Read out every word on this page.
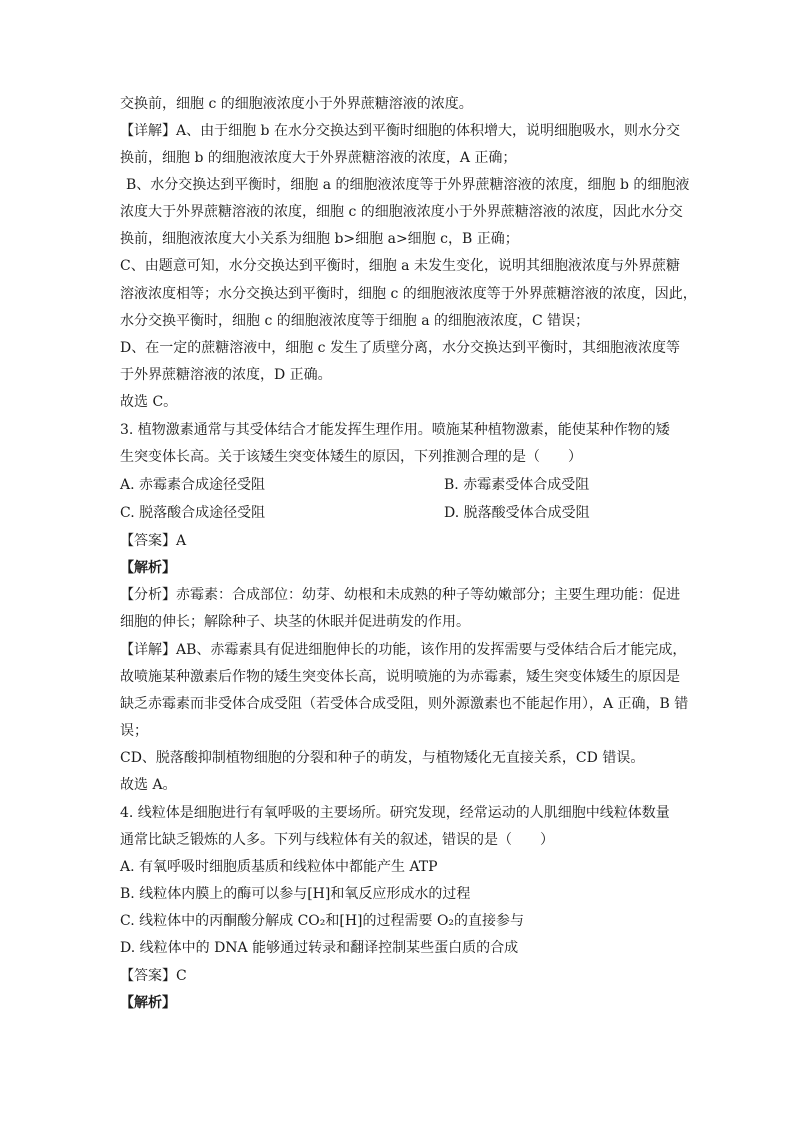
交换前，细胞 c 的细胞液浓度小于外界蔗糖溶液的浓度。
【详解】A、由于细胞 b 在水分交换达到平衡时细胞的体积增大，说明细胞吸水，则水分交
换前，细胞 b 的细胞液浓度大于外界蔗糖溶液的浓度，A 正确；
B、水分交换达到平衡时，细胞 a 的细胞液浓度等于外界蔗糖溶液的浓度，细胞 b 的细胞液
浓度大于外界蔗糖溶液的浓度，细胞 c 的细胞液浓度小于外界蔗糖溶液的浓度，因此水分交
换前，细胞液浓度大小关系为细胞 b>细胞 a>细胞 c，B 正确；
C、由题意可知，水分交换达到平衡时，细胞 a 未发生变化，说明其细胞液浓度与外界蔗糖
溶液浓度相等；水分交换达到平衡时，细胞 c 的细胞液浓度等于外界蔗糖溶液的浓度，因此，
水分交换平衡时，细胞 c 的细胞液浓度等于细胞 a 的细胞液浓度，C 错误；
D、在一定的蔗糖溶液中，细胞 c 发生了质壁分离，水分交换达到平衡时，其细胞液浓度等
于外界蔗糖溶液的浓度，D 正确。
故选 C。
3. 植物激素通常与其受体结合才能发挥生理作用。喷施某种植物激素，能使某种作物的矮
生突变体长高。关于该矮生突变体矮生的原因，下列推测合理的是（　　）
A. 赤霉素合成途径受阻	B. 赤霉素受体合成受阻
C. 脱落酸合成途径受阻	D. 脱落酸受体合成受阻
【答案】A
【解析】
【分析】赤霉素：合成部位：幼芽、幼根和未成熟的种子等幼嫩部分；主要生理功能：促进
细胞的伸长；解除种子、块茎的休眠并促进萌发的作用。
【详解】AB、赤霉素具有促进细胞伸长的功能，该作用的发挥需要与受体结合后才能完成，
故喷施某种激素后作物的矮生突变体长高，说明喷施的为赤霉素，矮生突变体矮生的原因是
缺乏赤霉素而非受体合成受阻（若受体合成受阻，则外源激素也不能起作用），A 正确，B 错
误；
CD、脱落酸抑制植物细胞的分裂和种子的萌发，与植物矮化无直接关系，CD 错误。
故选 A。
4. 线粒体是细胞进行有氧呼吸的主要场所。研究发现，经常运动的人肌细胞中线粒体数量
通常比缺乏锻炼的人多。下列与线粒体有关的叙述，错误的是（　　）
A. 有氧呼吸时细胞质基质和线粒体中都能产生 ATP
B. 线粒体内膜上的酶可以参与[H]和氧反应形成水的过程
C. 线粒体中的丙酮酸分解成 CO₂和[H]的过程需要 O₂的直接参与
D. 线粒体中的 DNA 能够通过转录和翻译控制某些蛋白质的合成
【答案】C
【解析】
